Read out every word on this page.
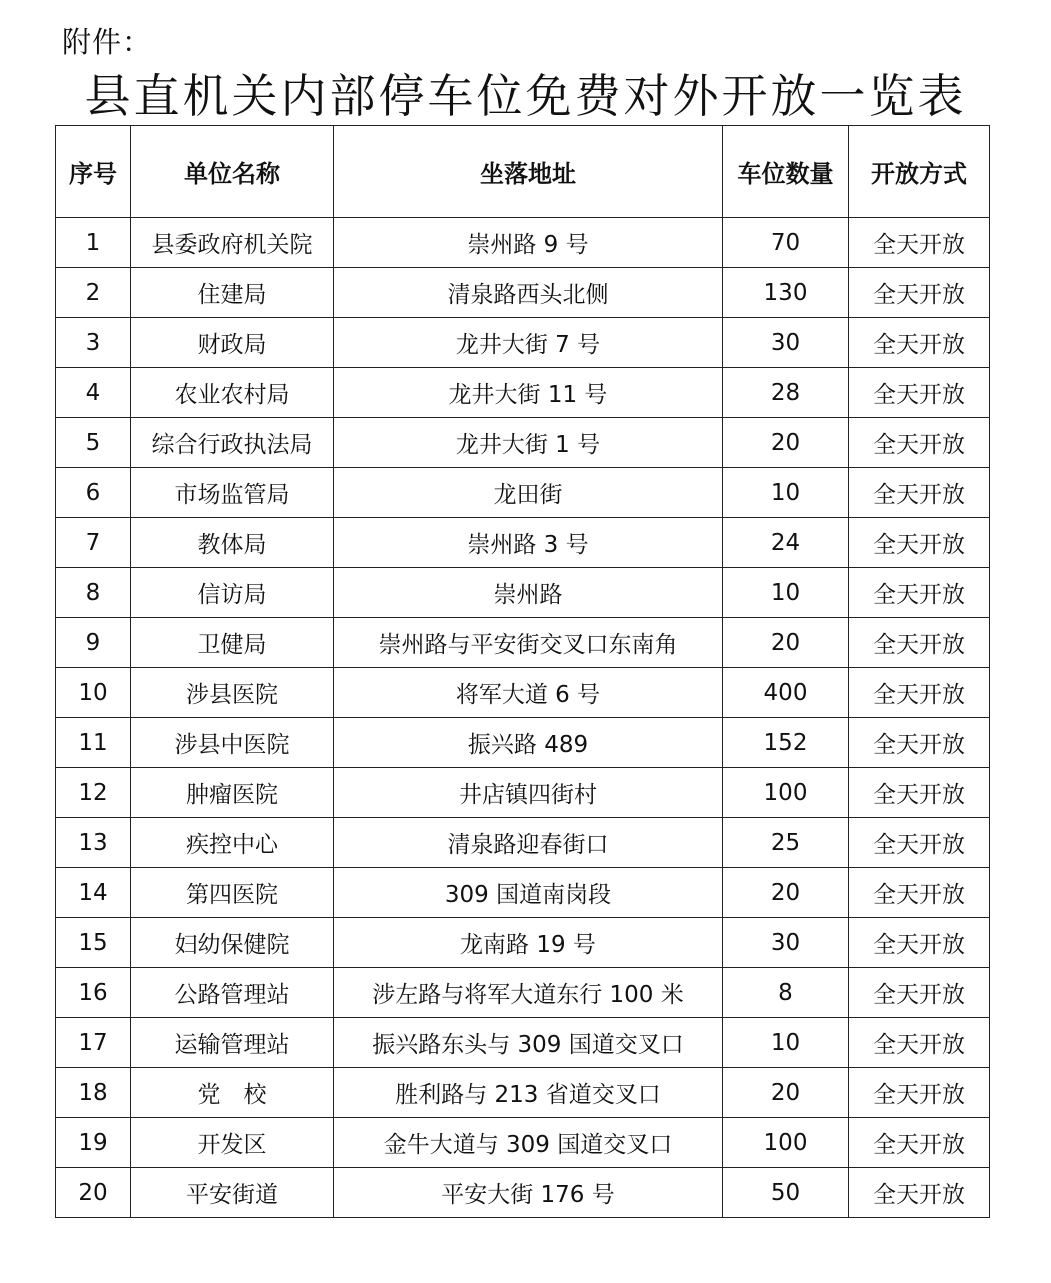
附件：
县直机关内部停车位免费对外开放一览表
序号	单位名称	坐落地址	车位数量	开放方式
1	县委政府机关院	崇州路 9 号	70	全天开放
2	住建局	清泉路西头北侧	130	全天开放
3	财政局	龙井大街 7 号	30	全天开放
4	农业农村局	龙井大街 11 号	28	全天开放
5	综合行政执法局	龙井大街 1 号	20	全天开放
6	市场监管局	龙田街	10	全天开放
7	教体局	崇州路 3 号	24	全天开放
8	信访局	崇州路	10	全天开放
9	卫健局	崇州路与平安街交叉口东南角	20	全天开放
10	涉县医院	将军大道 6 号	400	全天开放
11	涉县中医院	振兴路 489	152	全天开放
12	肿瘤医院	井店镇四街村	100	全天开放
13	疾控中心	清泉路迎春街口	25	全天开放
14	第四医院	309 国道南岗段	20	全天开放
15	妇幼保健院	龙南路 19 号	30	全天开放
16	公路管理站	涉左路与将军大道东行 100 米	8	全天开放
17	运输管理站	振兴路东头与 309 国道交叉口	10	全天开放
18	党　校	胜利路与 213 省道交叉口	20	全天开放
19	开发区	金牛大道与 309 国道交叉口	100	全天开放
20	平安街道	平安大街 176 号	50	全天开放
